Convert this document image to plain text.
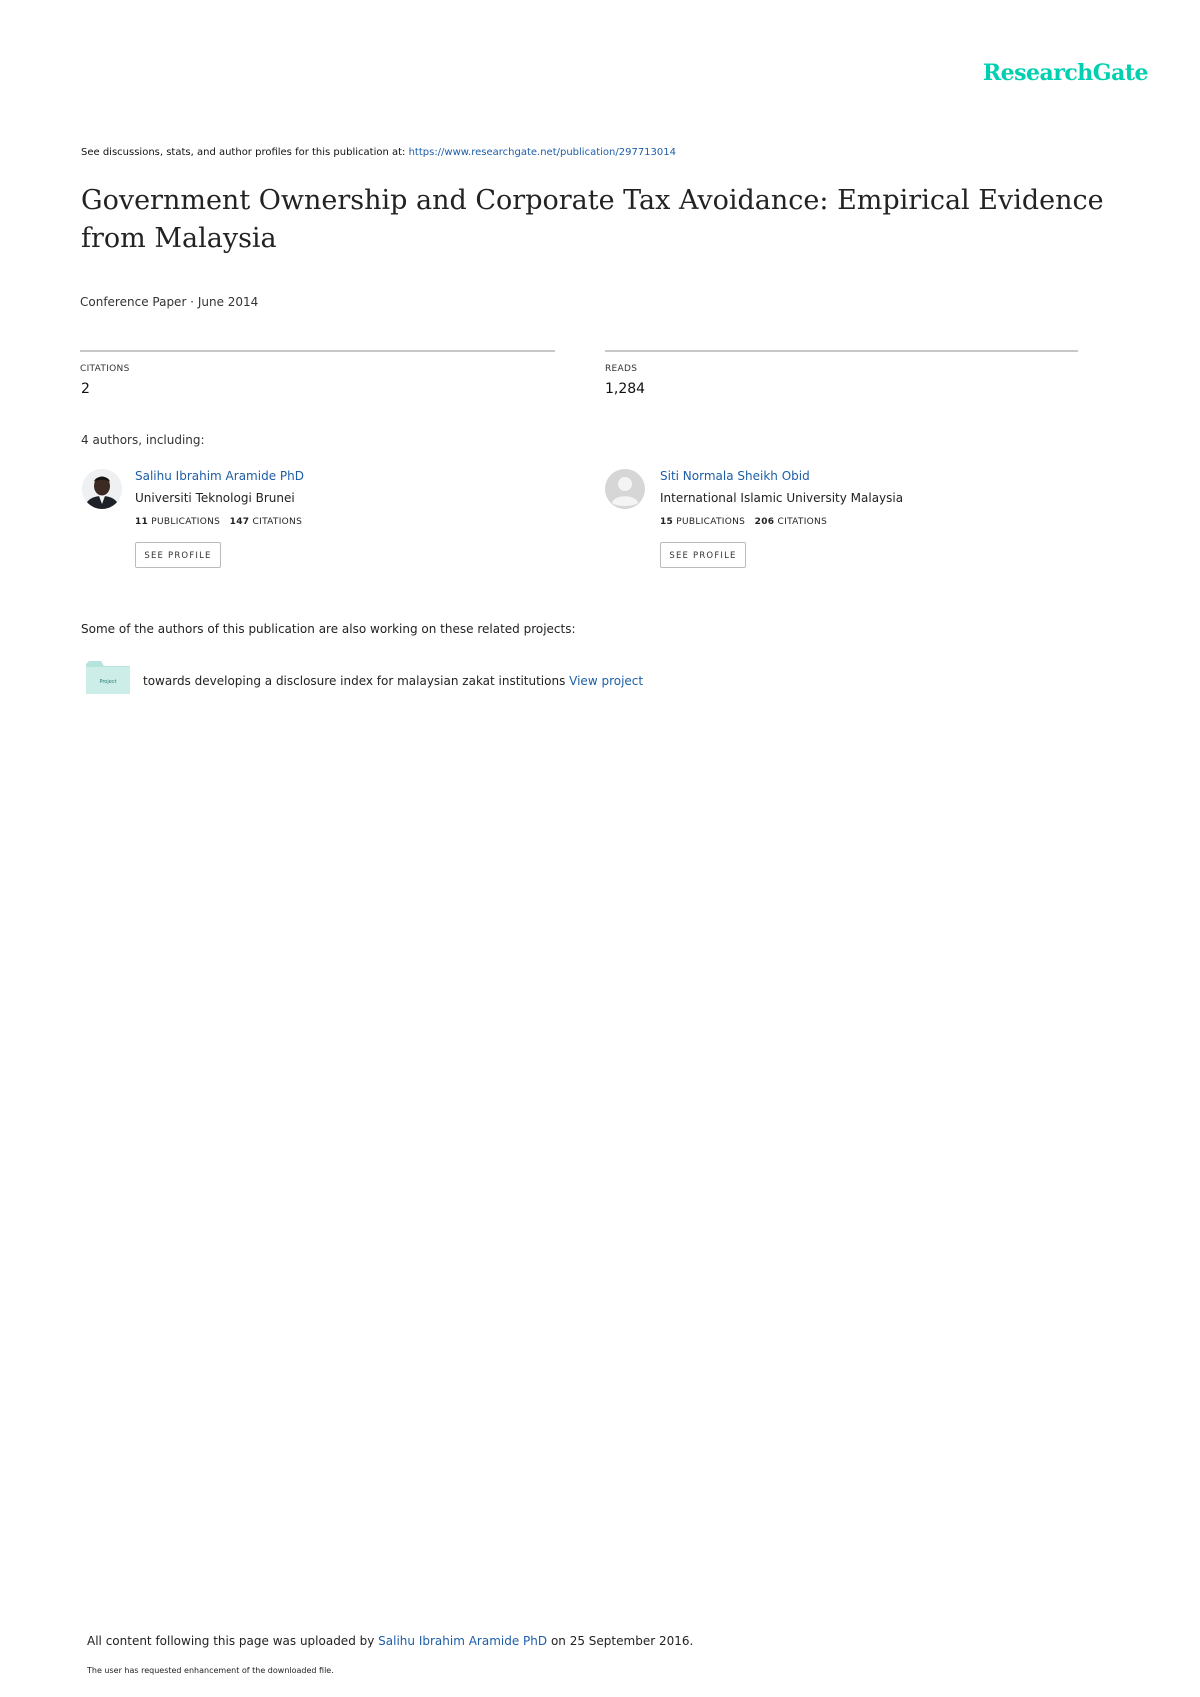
ResearchGate
See discussions, stats, and author profiles for this publication at: https://www.researchgate.net/publication/297713014
Government Ownership and Corporate Tax Avoidance: Empirical Evidence from Malaysia
Conference Paper · June 2014
CITATIONS
2
READS
1,284
4 authors, including:
Salihu Ibrahim Aramide PhD
Universiti Teknologi Brunei
11 PUBLICATIONS 147 CITATIONS
SEE PROFILE
Siti Normala Sheikh Obid
International Islamic University Malaysia
15 PUBLICATIONS 206 CITATIONS
SEE PROFILE
Some of the authors of this publication are also working on these related projects:
Project towards developing a disclosure index for malaysian zakat institutions View project
All content following this page was uploaded by Salihu Ibrahim Aramide PhD on 25 September 2016.
The user has requested enhancement of the downloaded file.
